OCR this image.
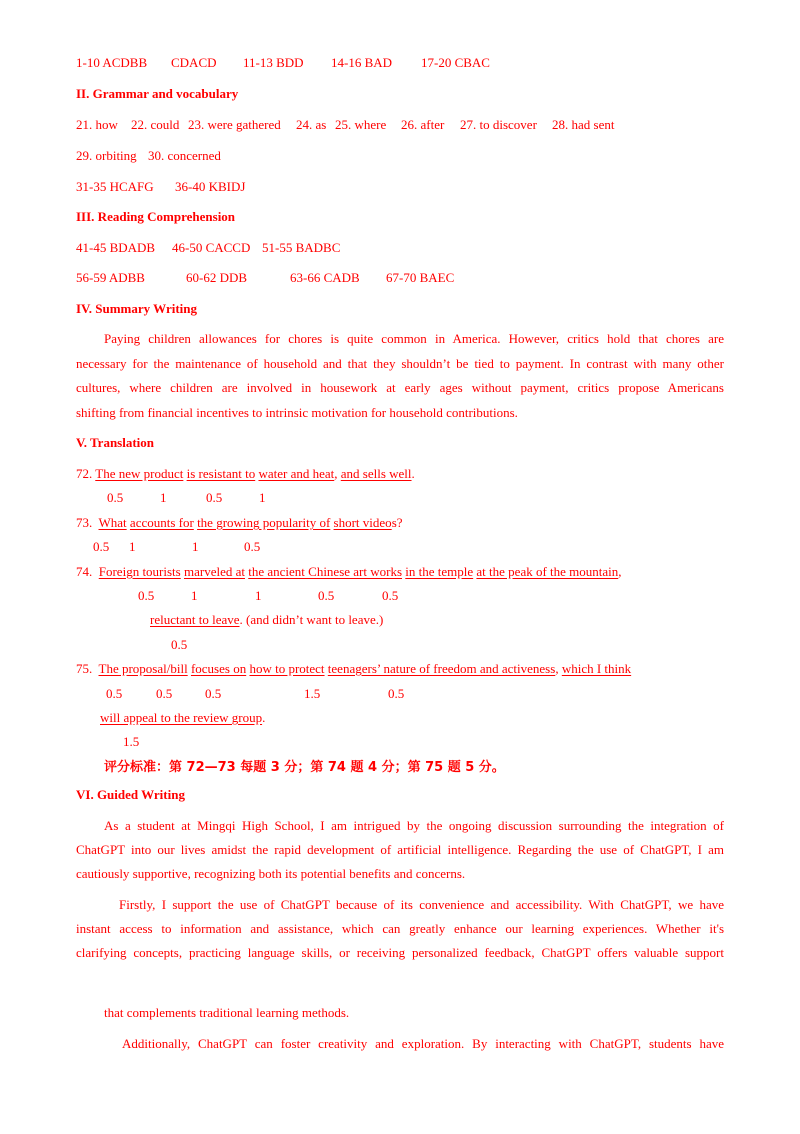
1-10 ACDBB CDACD 11-13 BDD 14-16 BAD 17-20 CBAC
II. Grammar and vocabulary
21. how 22. could 23. were gathered 24. as 25. where 26. after 27. to discover 28. had sent
29. orbiting 30. concerned
31-35 HCAFG 36-40 KBIDJ
III. Reading Comprehension
41-45 BDADB 46-50 CACCD 51-55 BADBC
56-59 ADBB	60-62 DDB	63-66 CADB 67-70 BAEC
IV. Summary Writing
Paying children allowances for chores is quite common in America. However, critics hold that chores are
necessary for the maintenance of household and that they shouldn’t be tied to payment. In contrast with many other
cultures, where children are involved in housework at early ages without payment, critics propose Americans
shifting from financial incentives to intrinsic motivation for household contributions.
V. Translation
72. The new product is resistant to water and heat, and sells well.
0.5	1	0.5	1
73. What accounts for the growing popularity of short videos?
0.5 1	1	0.5
74. Foreign tourists marveled at the ancient Chinese art works in the temple at the peak of the mountain,
0.5	1	1	0.5	0.5
reluctant to leave. (and didn’t want to leave.)
0.5
75. The proposal/bill focuses on how to protect teenagers’ nature of freedom and activeness, which I think
0.5	0.5	0.5	1.5	0.5
will appeal to the review group.
1.5
评分标准：第 72—73 每题 3 分；第 74 题 4 分；第 75 题 5 分。
VI. Guided Writing
As a student at Mingqi High School, I am intrigued by the ongoing discussion surrounding the integration of
ChatGPT into our lives amidst the rapid development of artificial intelligence. Regarding the use of ChatGPT, I am
cautiously supportive, recognizing both its potential benefits and concerns.
Firstly, I support the use of ChatGPT because of its convenience and accessibility. With ChatGPT, we have
instant access to information and assistance, which can greatly enhance our learning experiences. Whether it's
clarifying concepts, practicing language skills, or receiving personalized feedback, ChatGPT offers valuable support
that complements traditional learning methods.
Additionally, ChatGPT can foster creativity and exploration. By interacting with ChatGPT, students have
